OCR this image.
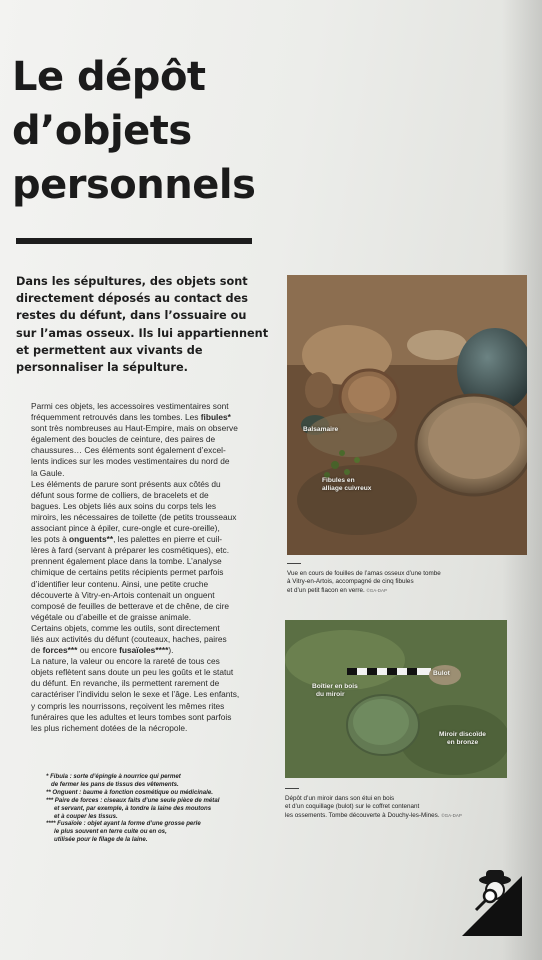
Le dépôt
d’objets
personnels
Dans les sépultures, des objets sont
directement déposés au contact des
restes du défunt, dans l’ossuaire ou
sur l’amas osseux. Ils lui appartiennent
et permettent aux vivants de
personnaliser la sépulture.
Parmi ces objets, les accessoires vestimentaires sont
fréquemment retrouvés dans les tombes. Les fibules*
sont très nombreuses au Haut-Empire, mais on observe
également des boucles de ceinture, des paires de
chaussures… Ces éléments sont également d’excel-
lents indices sur les modes vestimentaires du nord de
la Gaule.
Les éléments de parure sont présents aux côtés du
défunt sous forme de colliers, de bracelets et de
bagues. Les objets liés aux soins du corps tels les
miroirs, les nécessaires de toilette (de petits trousseaux
associant pince à épiler, cure-ongle et cure-oreille),
les pots à onguents**, les palettes en pierre et cuil-
lères à fard (servant à préparer les cosmétiques), etc.
prennent également place dans la tombe. L’analyse
chimique de certains petits récipients permet parfois
d’identifier leur contenu. Ainsi, une petite cruche
découverte à Vitry-en-Artois contenait un onguent
composé de feuilles de betterave et de chêne, de cire
végétale ou d’abeille et de graisse animale.
Certains objets, comme les outils, sont directement
liés aux activités du défunt (couteaux, haches, paires
de forces*** ou encore fusaïoles****).
La nature, la valeur ou encore la rareté de tous ces
objets reflètent sans doute un peu les goûts et le statut
du défunt. En revanche, ils permettent rarement de
caractériser l’individu selon le sexe et l’âge. Les enfants,
y compris les nourrissons, reçoivent les mêmes rites
funéraires que les adultes et leurs tombes sont parfois
les plus richement dotées de la nécropole.
* Fibula : sorte d’épingle à nourrice qui permet
de fermer les pans de tissus des vêtements.
** Onguent : baume à fonction cosmétique ou médicinale.
*** Paire de forces : ciseaux faits d’une seule pièce de métal
et servant, par exemple, à tondre la laine des moutons
et à couper les tissus.
**** Fusaïole : objet ayant la forme d’une grosse perle
le plus souvent en terre cuite ou en os,
utilisée pour le filage de la laine.
Balsamaire
Fibules en
alliage cuivreux
Vue en cours de fouilles de l’amas osseux d’une tombe
à Vitry-en-Artois, accompagné de cinq fibules
et d’un petit flacon en verre. ©GA-DAP
Boîtier en bois
du miroir
Bulot
Miroir discoïde
en bronze
Dépôt d’un miroir dans son étui en bois
et d’un coquillage (bulot) sur le coffret contenant
les ossements. Tombe découverte à Douchy-les-Mines. ©GA-DAP
